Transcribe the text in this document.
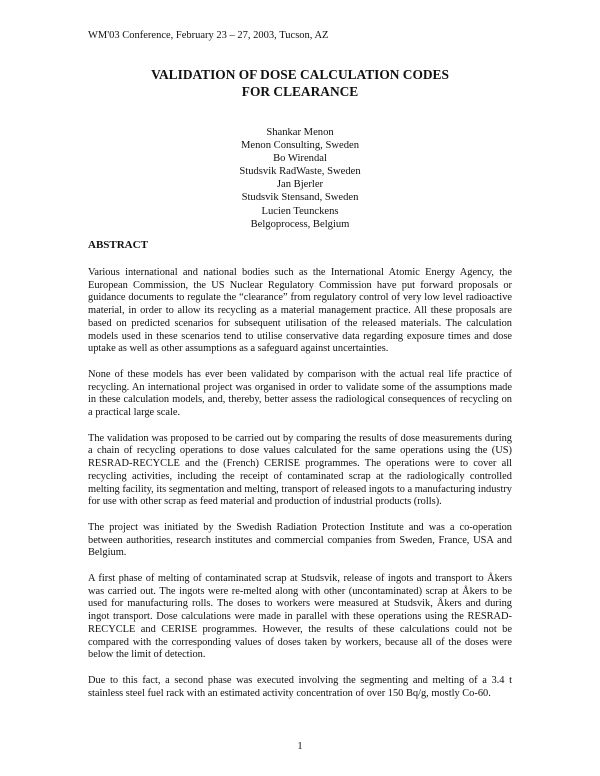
WM'03 Conference, February 23 – 27, 2003, Tucson, AZ
VALIDATION OF DOSE CALCULATION CODES
FOR CLEARANCE
Shankar Menon
Menon Consulting, Sweden
Bo Wirendal
Studsvik RadWaste, Sweden
Jan Bjerler
Studsvik Stensand, Sweden
Lucien Teunckens
Belgoprocess, Belgium
ABSTRACT

Various international and national bodies such as the International Atomic Energy Agency, the European Commission, the US Nuclear Regulatory Commission have put forward proposals or guidance documents to regulate the “clearance” from regulatory control of very low level radioactive material, in order to allow its recycling as a material management practice. All these proposals are based on predicted scenarios for subsequent utilisation of the released materials. The calculation models used in these scenarios tend to utilise conservative data regarding exposure times and dose uptake as well as other assumptions as a safeguard against uncertainties.

None of these models has ever been validated by comparison with the actual real life practice of recycling. An international project was organised in order to validate some of the assumptions made in these calculation models, and, thereby, better assess the radiological consequences of recycling on a practical large scale.

The validation was proposed to be carried out by comparing the results of dose measurements during a chain of recycling operations to dose values calculated for the same operations using the (US) RESRAD-RECYCLE and the (French) CERISE programmes. The operations were to cover all recycling activities, including the receipt of contaminated scrap at the radiologically controlled melting facility, its segmentation and melting, transport of released ingots to a manufacturing industry for use with other scrap as feed material and production of industrial products (rolls).

The project was initiated by the Swedish Radiation Protection Institute and was a co-operation between authorities, research institutes and commercial companies from Sweden, France, USA and Belgium.

A first phase of melting of contaminated scrap at Studsvik, release of ingots and transport to Åkers was carried out. The ingots were re-melted along with other (uncontaminated) scrap at Åkers to be used for manufacturing rolls. The doses to workers were measured at Studsvik, Åkers and during ingot transport. Dose calculations were made in parallel with these operations using the RESRAD-RECYCLE and CERISE programmes. However, the results of these calculations could not be compared with the corresponding values of doses taken by workers, because all of the doses were below the limit of detection.

Due to this fact, a second phase was executed involving the segmenting and melting of a 3.4 t stainless steel fuel rack with an estimated activity concentration of over 150 Bq/g, mostly Co-60.

1
